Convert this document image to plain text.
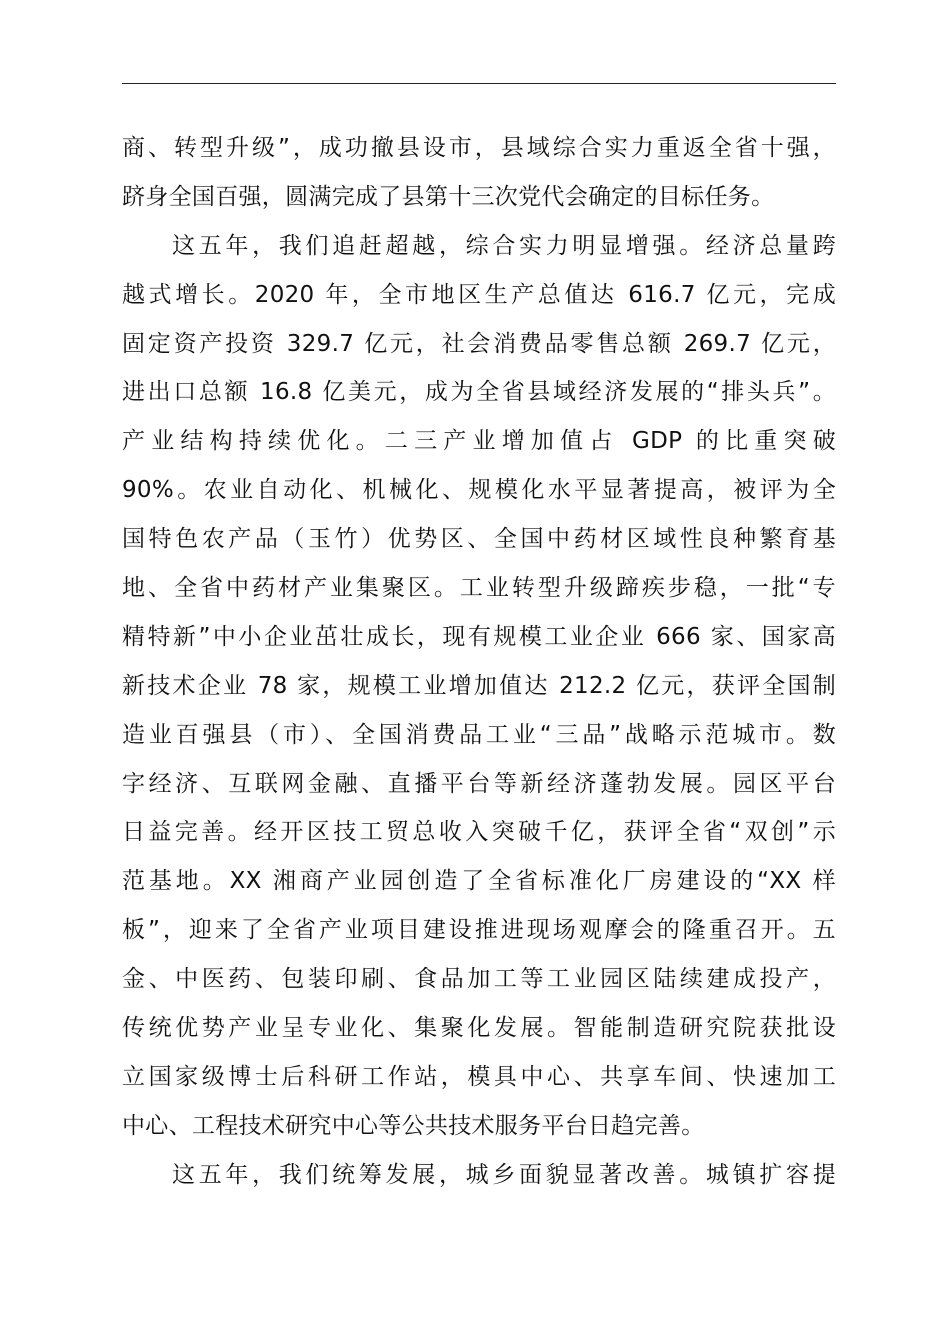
商、转型升级”，成功撤县设市，县域综合实力重返全省十强，
跻身全国百强，圆满完成了县第十三次党代会确定的目标任务。
这五年，我们追赶超越，综合实力明显增强。经济总量跨
越式增长。2020 年，全市地区生产总值达 616.7 亿元，完成
固定资产投资 329.7 亿元，社会消费品零售总额 269.7 亿元，
进出口总额 16.8 亿美元，成为全省县域经济发展的“排头兵”。
产业结构持续优化。二三产业增加值占 GDP 的比重突破
90%。农业自动化、机械化、规模化水平显著提高，被评为全
国特色农产品（玉竹）优势区、全国中药材区域性良种繁育基
地、全省中药材产业集聚区。工业转型升级蹄疾步稳，一批“专
精特新”中小企业茁壮成长，现有规模工业企业 666 家、国家高
新技术企业 78 家，规模工业增加值达 212.2 亿元，获评全国制
造业百强县（市）、全国消费品工业“三品”战略示范城市。数
字经济、互联网金融、直播平台等新经济蓬勃发展。园区平台
日益完善。经开区技工贸总收入突破千亿，获评全省“双创”示
范基地。XX 湘商产业园创造了全省标准化厂房建设的“XX 样
板”，迎来了全省产业项目建设推进现场观摩会的隆重召开。五
金、中医药、包装印刷、食品加工等工业园区陆续建成投产，
传统优势产业呈专业化、集聚化发展。智能制造研究院获批设
立国家级博士后科研工作站，模具中心、共享车间、快速加工
中心、工程技术研究中心等公共技术服务平台日趋完善。
这五年，我们统筹发展，城乡面貌显著改善。城镇扩容提
